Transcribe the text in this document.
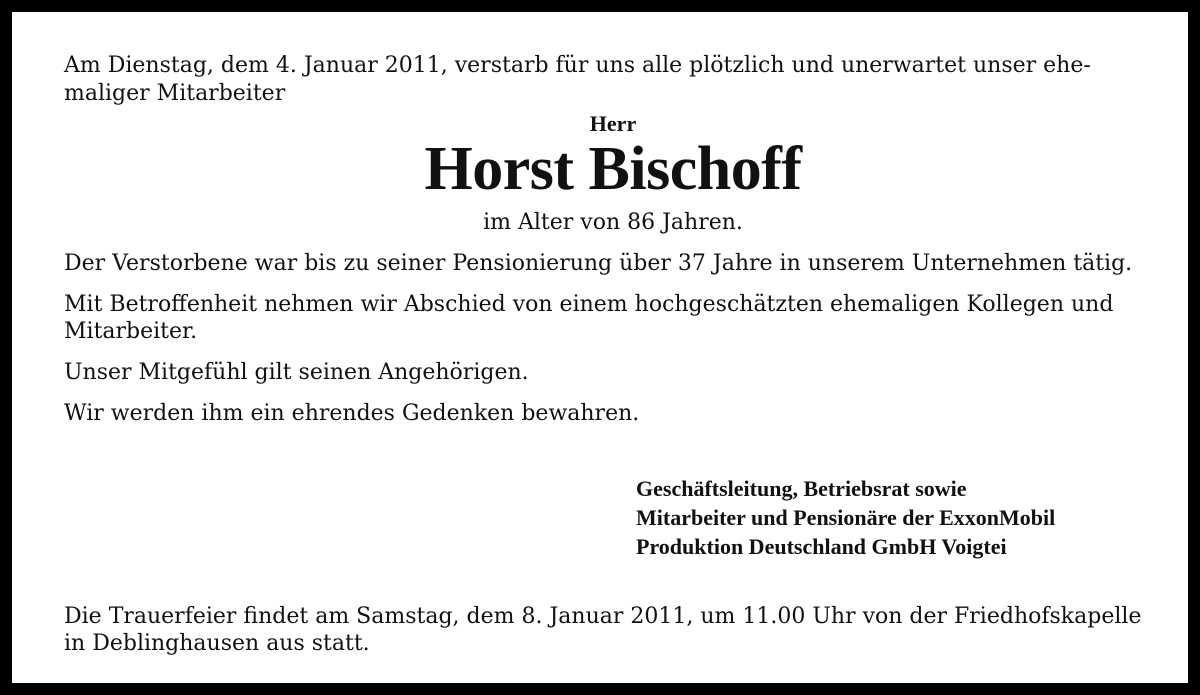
Am Dienstag, dem 4. Januar 2011, verstarb für uns alle plötzlich und unerwartet unser ehe-
maliger Mitarbeiter

Herr
Horst Bischoff
im Alter von 86 Jahren.

Der Verstorbene war bis zu seiner Pensionierung über 37 Jahre in unserem Unternehmen tätig.

Mit Betroffenheit nehmen wir Abschied von einem hochgeschätzten ehemaligen Kollegen und Mitarbeiter.

Unser Mitgefühl gilt seinen Angehörigen.

Wir werden ihm ein ehrendes Gedenken bewahren.

Geschäftsleitung, Betriebsrat sowie
Mitarbeiter und Pensionäre der ExxonMobil
Produktion Deutschland GmbH Voigtei

Die Trauerfeier findet am Samstag, dem 8. Januar 2011, um 11.00 Uhr von der Friedhofskapelle in Deblinghausen aus statt.
